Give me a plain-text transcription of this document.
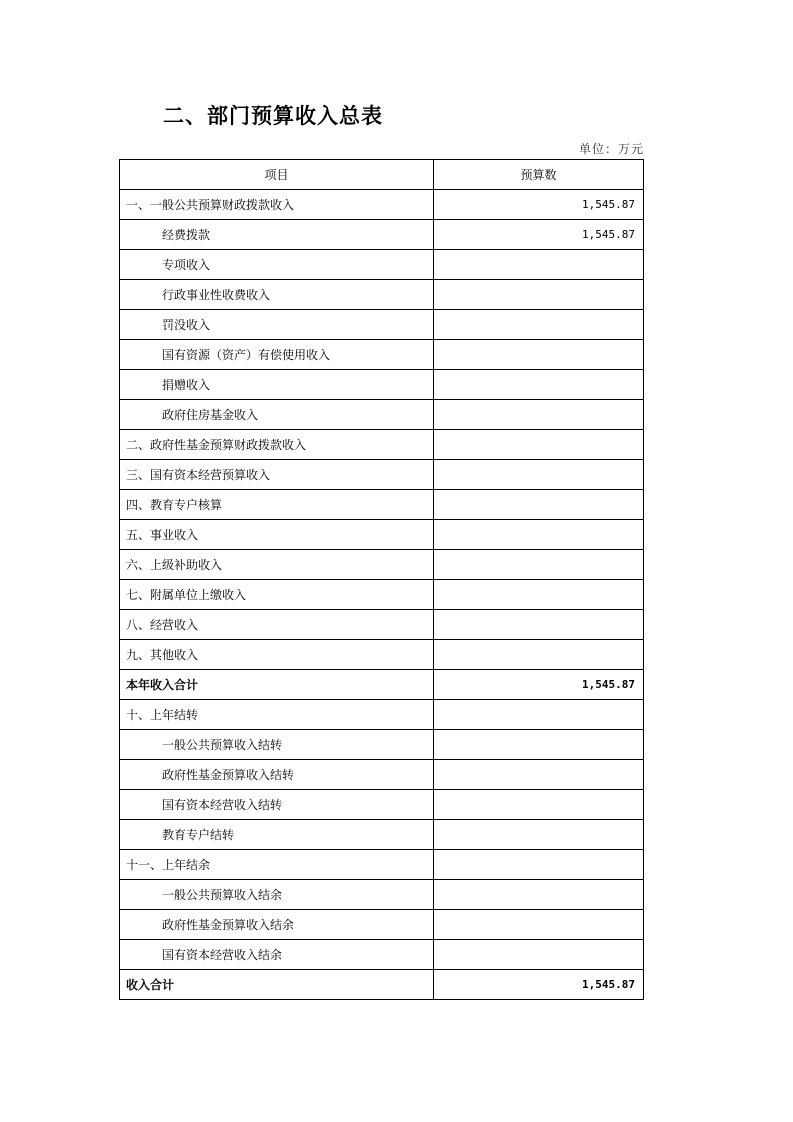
二、部门预算收入总表
单位：万元
项目	预算数
一、一般公共预算财政拨款收入	1,545.87
经费拨款	1,545.87
专项收入	
行政事业性收费收入	
罚没收入	
国有资源（资产）有偿使用收入	
捐赠收入	
政府住房基金收入	
二、政府性基金预算财政拨款收入	
三、国有资本经营预算收入	
四、教育专户核算	
五、事业收入	
六、上级补助收入	
七、附属单位上缴收入	
八、经营收入	
九、其他收入	
本年收入合计	1,545.87
十、上年结转	
一般公共预算收入结转	
政府性基金预算收入结转	
国有资本经营收入结转	
教育专户结转	
十一、上年结余	
一般公共预算收入结余	
政府性基金预算收入结余	
国有资本经营收入结余	
收入合计	1,545.87
